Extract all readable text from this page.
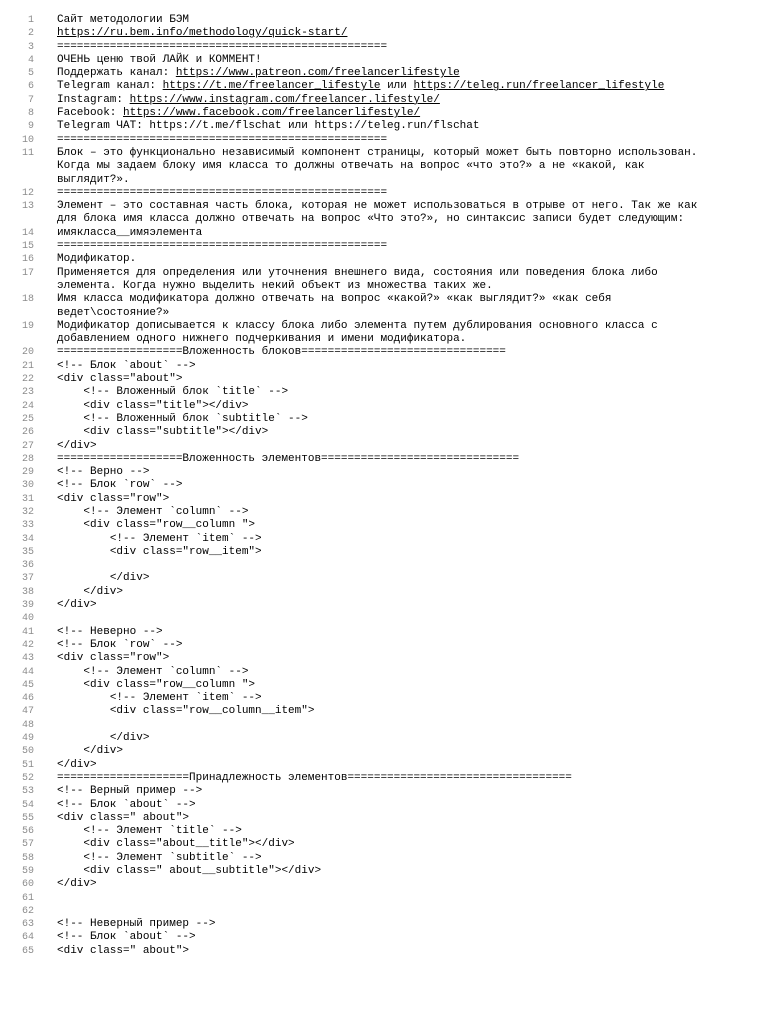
1	Сайт методологии БЭМ
2	https://ru.bem.info/methodology/quick-start/
3	==================================================
4	ОЧЕНЬ ценю твой ЛАЙК и КОММЕНТ!
5	Поддержать канал: https://www.patreon.com/freelancerlifestyle
6	Telegram канал: https://t.me/freelancer_lifestyle или https://teleg.run/freelancer_lifestyle
7	Instagram: https://www.instagram.com/freelancer.lifestyle/
8	Facebook: https://www.facebook.com/freelancerlifestyle/
9	Telegram ЧАТ: https://t.me/flschat или https://teleg.run/flschat
10	==================================================
11	Блок – это функционально независимый компонент страницы, который может быть повторно использован. Когда мы задаем блоку имя класса то должны отвечать на вопрос «что это?» а не «какой, как выглядит?».
12	==================================================
13	Элемент – это составная часть блока, которая не может использоваться в отрыве от него. Так же как для блока имя класса должно отвечать на вопрос «Что это?», но синтаксис записи будет следующим:
14	имякласса__имяэлемента
15	==================================================
16	Модификатор.
17	Применяется для определения или уточнения внешнего вида, состояния или поведения блока либо элемента. Когда нужно выделить некий объект из множества таких же.
18	Имя класса модификатора должно отвечать на вопрос «какой?» «как выглядит?» «как себя ведет\состояние?»
19	Модификатор дописывается к классу блока либо элемента путем дублирования основного класса с добавлением одного нижнего подчеркивания и имени модификатора.
20	===================Вложенность блоков===============================
21	<!-- Блок `about` -->
22	<div class="about">
23	<!-- Вложенный блок `title` -->
24	<div class="title"></div>
25	<!-- Вложенный блок `subtitle` -->
26	<div class="subtitle"></div>
27	</div>
28	===================Вложенность элементов==============================
29	<!-- Верно -->
30	<!-- Блок `row` -->
31	<div class="row">
32	<!-- Элемент `column` -->
33	<div class="row__column ">
34	<!-- Элемент `item` -->
35	<div class="row__item">
36

37	</div>
38	</div>
39	</div>
40

41	<!-- Неверно -->
42	<!-- Блок `row` -->
43	<div class="row">
44	<!-- Элемент `column` -->
45	<div class="row__column ">
46	<!-- Элемент `item` -->
47	<div class="row__column__item">
48

49	</div>
50	</div>
51	</div>
52	====================Принадлежность элементов==================================
53	<!-- Верный пример -->
54	<!-- Блок `about` -->
55	<div class=" about">
56	<!-- Элемент `title` -->
57	<div class="about__title"></div>
58	<!-- Элемент `subtitle` -->
59	<div class=" about__subtitle"></div>
60	</div>
61

62

63	<!-- Неверный пример -->
64	<!-- Блок `about` -->
65	<div class=" about">
